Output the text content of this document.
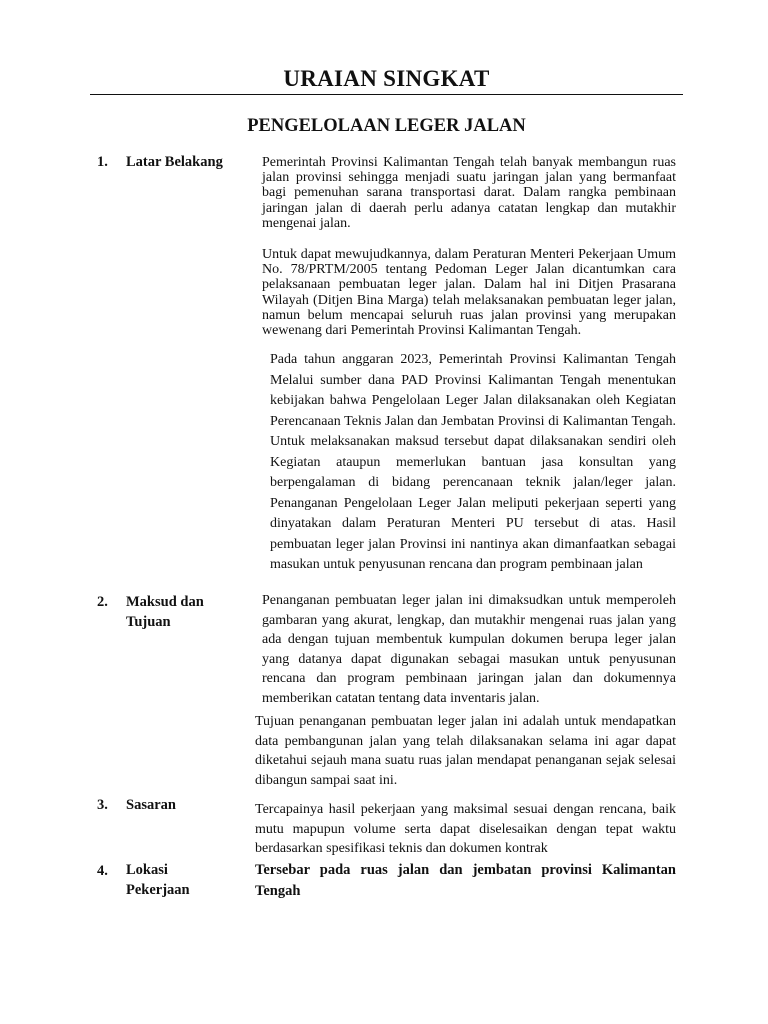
URAIAN SINGKAT
PENGELOLAAN LEGER JALAN
1. Latar Belakang	Pemerintah Provinsi Kalimantan Tengah telah banyak membangun ruas jalan provinsi sehingga menjadi suatu jaringan jalan yang bermanfaat bagi pemenuhan sarana transportasi darat. Dalam rangka pembinaan jaringan jalan di daerah perlu adanya catatan lengkap dan mutakhir mengenai jalan.

Untuk dapat mewujudkannya, dalam Peraturan Menteri Pekerjaan Umum No. 78/PRTM/2005 tentang Pedoman Leger Jalan dicantumkan cara pelaksanaan pembuatan leger jalan. Dalam hal ini Ditjen Prasarana Wilayah (Ditjen Bina Marga) telah melaksanakan pembuatan leger jalan, namun belum mencapai seluruh ruas jalan provinsi yang merupakan wewenang dari Pemerintah Provinsi Kalimantan Tengah.

Pada tahun anggaran 2023, Pemerintah Provinsi Kalimantan Tengah Melalui sumber dana PAD Provinsi Kalimantan Tengah menentukan kebijakan bahwa Pengelolaan Leger Jalan dilaksanakan oleh Kegiatan Perencanaan Teknis Jalan dan Jembatan Provinsi di Kalimantan Tengah. Untuk melaksanakan maksud tersebut dapat dilaksanakan sendiri oleh Kegiatan ataupun memerlukan bantuan jasa konsultan yang berpengalaman di bidang perencanaan teknik jalan/leger jalan. Penanganan Pengelolaan Leger Jalan meliputi pekerjaan seperti yang dinyatakan dalam Peraturan Menteri PU tersebut di atas. Hasil pembuatan leger jalan Provinsi ini nantinya akan dimanfaatkan sebagai masukan untuk penyusunan rencana dan program pembinaan jalan

2. Maksud dan Tujuan

Penanganan pembuatan leger jalan ini dimaksudkan untuk memperoleh gambaran yang akurat, lengkap, dan mutakhir mengenai ruas jalan yang ada dengan tujuan membentuk kumpulan dokumen berupa leger jalan yang datanya dapat digunakan sebagai masukan untuk penyusunan rencana dan program pembinaan jaringan jalan dan dokumennya memberikan catatan tentang data inventaris jalan.

Tujuan penanganan pembuatan leger jalan ini adalah untuk mendapatkan data pembangunan jalan yang telah dilaksanakan selama ini agar dapat diketahui sejauh mana suatu ruas jalan mendapat penanganan sejak selesai dibangun sampai saat ini.

3. Sasaran	Tercapainya hasil pekerjaan yang maksimal sesuai dengan rencana, baik mutu mapupun volume serta dapat diselesaikan dengan tepat waktu berdasarkan spesifikasi teknis dan dokumen kontrak

4. Lokasi Pekerjaan

Tersebar pada ruas jalan dan jembatan provinsi Kalimantan Tengah
